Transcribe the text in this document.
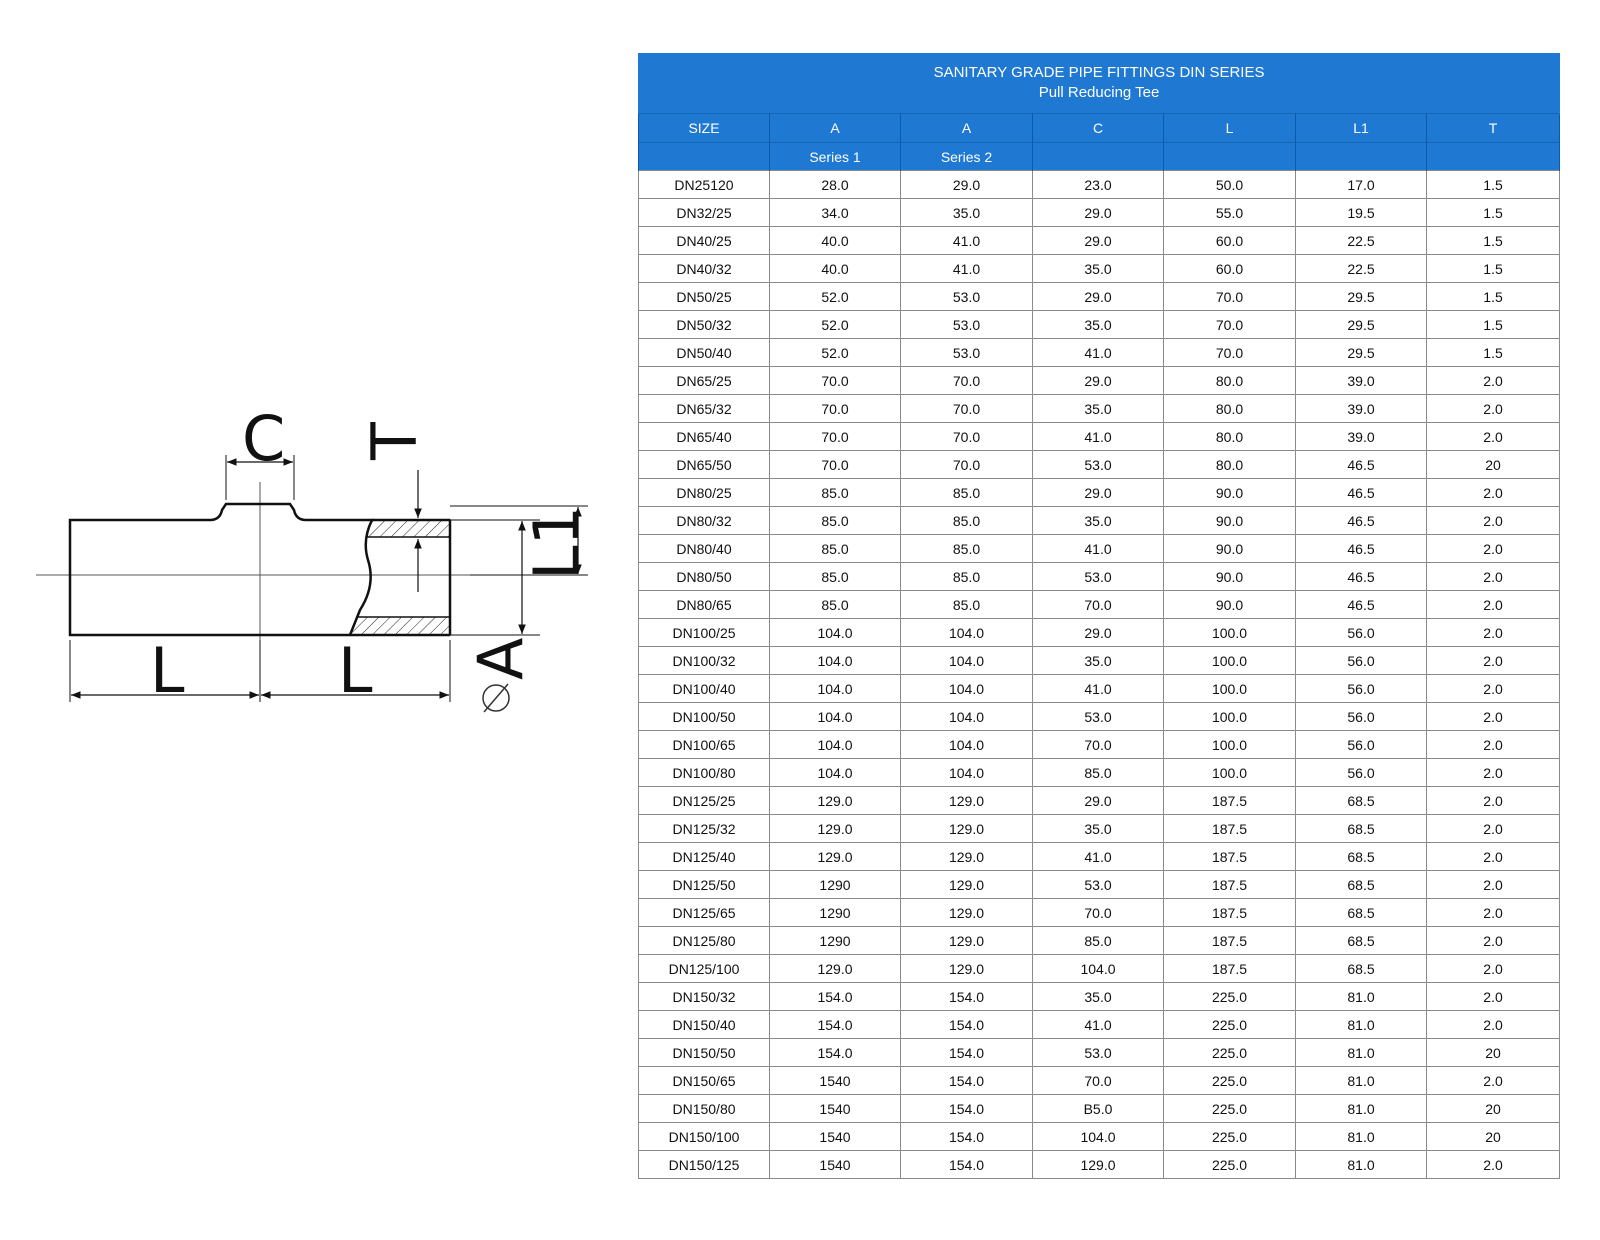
C T
L1
A
L L
SANITARY GRADE PIPE FITTINGS DIN SERIES
Pull Reducing Tee						

SIZE	A	A	C	L	L1	T
	Series 1	Series 2				
DN25120	28.0	29.0	23.0	50.0	17.0	1.5
DN32/25	34.0	35.0	29.0	55.0	19.5	1.5
DN40/25	40.0	41.0	29.0	60.0	22.5	1.5
DN40/32	40.0	41.0	35.0	60.0	22.5	1.5
DN50/25	52.0	53.0	29.0	70.0	29.5	1.5
DN50/32	52.0	53.0	35.0	70.0	29.5	1.5
DN50/40	52.0	53.0	41.0	70.0	29.5	1.5
DN65/25	70.0	70.0	29.0	80.0	39.0	2.0
DN65/32	70.0	70.0	35.0	80.0	39.0	2.0
DN65/40	70.0	70.0	41.0	80.0	39.0	2.0
DN65/50	70.0	70.0	53.0	80.0	46.5	20
DN80/25	85.0	85.0	29.0	90.0	46.5	2.0
DN80/32	85.0	85.0	35.0	90.0	46.5	2.0
DN80/40	85.0	85.0	41.0	90.0	46.5	2.0
DN80/50	85.0	85.0	53.0	90.0	46.5	2.0
DN80/65	85.0	85.0	70.0	90.0	46.5	2.0
DN100/25	104.0	104.0	29.0	100.0	56.0	2.0
DN100/32	104.0	104.0	35.0	100.0	56.0	2.0
DN100/40	104.0	104.0	41.0	100.0	56.0	2.0
DN100/50	104.0	104.0	53.0	100.0	56.0	2.0
DN100/65	104.0	104.0	70.0	100.0	56.0	2.0
DN100/80	104.0	104.0	85.0	100.0	56.0	2.0
DN125/25	129.0	129.0	29.0	187.5	68.5	2.0
DN125/32	129.0	129.0	35.0	187.5	68.5	2.0
DN125/40	129.0	129.0	41.0	187.5	68.5	2.0
DN125/50	1290	129.0	53.0	187.5	68.5	2.0
DN125/65	1290	129.0	70.0	187.5	68.5	2.0
DN125/80	1290	129.0	85.0	187.5	68.5	2.0
DN125/100	129.0	129.0	104.0	187.5	68.5	2.0
DN150/32	154.0	154.0	35.0	225.0	81.0	2.0
DN150/40	154.0	154.0	41.0	225.0	81.0	2.0
DN150/50	154.0	154.0	53.0	225.0	81.0	20
DN150/65	1540	154.0	70.0	225.0	81.0	2.0
DN150/80	1540	154.0	B5.0	225.0	81.0	20
DN150/100	1540	154.0	104.0	225.0	81.0	20
DN150/125	1540	154.0	129.0	225.0	81.0	2.0
